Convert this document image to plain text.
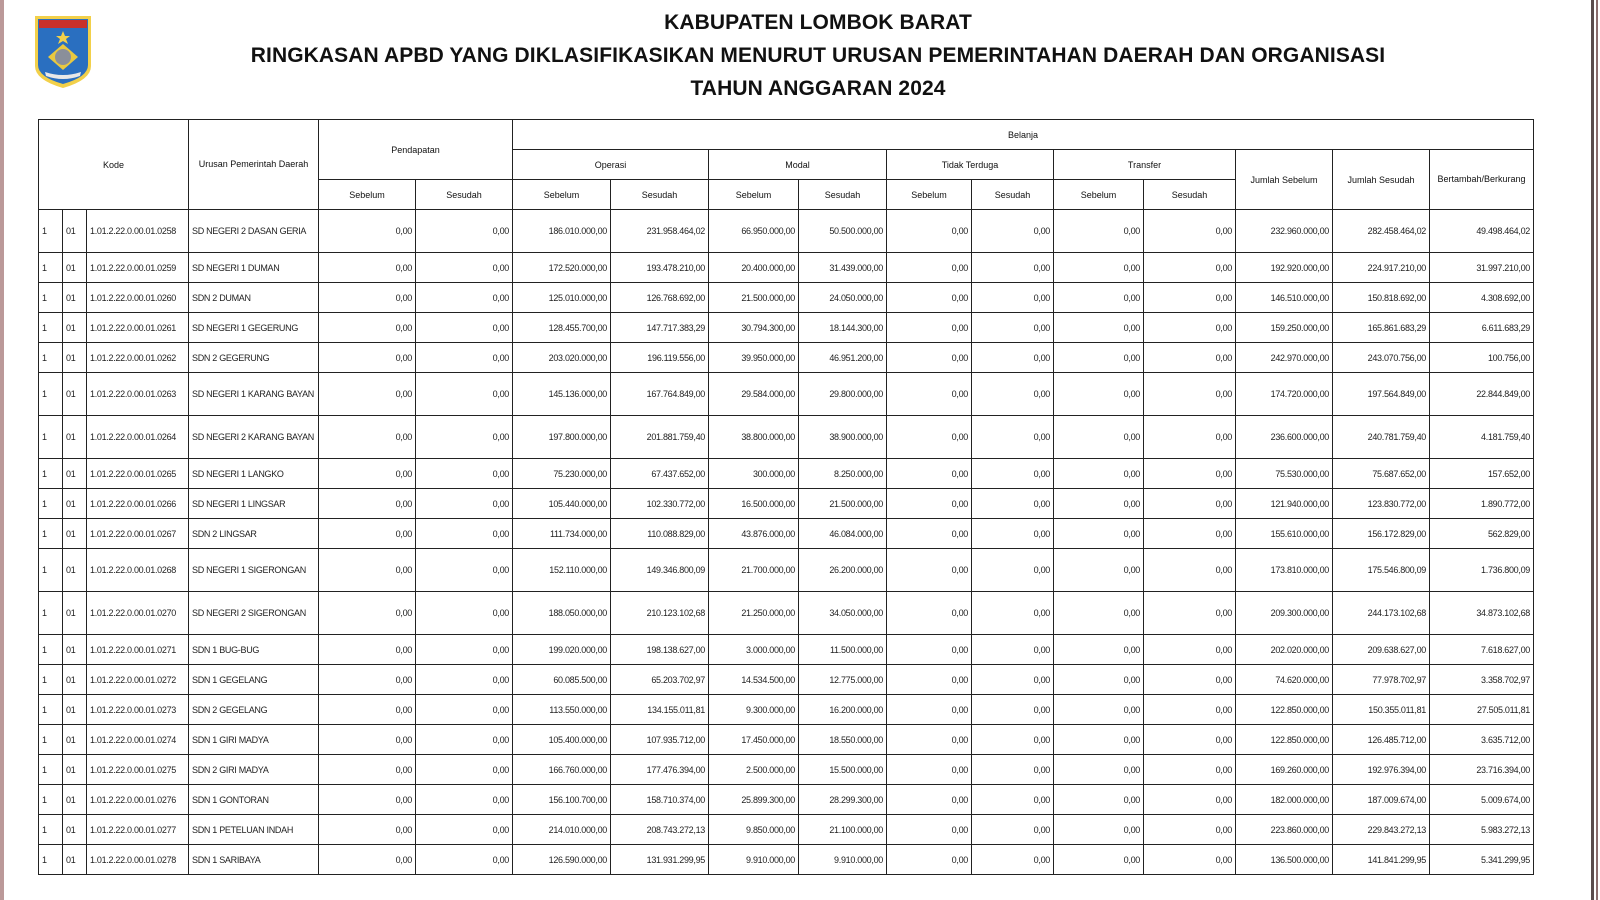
KABUPATEN LOMBOK BARAT
RINGKASAN APBD YANG DIKLASIFIKASIKAN MENURUT URUSAN PEMERINTAHAN DAERAH DAN ORGANISASI
TAHUN ANGGARAN 2024
Kode			Urusan Pemerintah Daerah	Pendapatan		Belanja										
						Operasi		Modal		Tidak Terduga		Transfer		Jumlah Sebelum	Jumlah Sesudah	Bertambah/Berkurang
				Sebelum	Sesudah	Sebelum	Sesudah	Sebelum	Sesudah	Sebelum	Sesudah	Sebelum	Sesudah			
1	01	1.01.2.22.0.00.01.0258	SD NEGERI 2 DASAN GERIA	0,00	0,00	186.010.000,00	231.958.464,02	66.950.000,00	50.500.000,00	0,00	0,00	0,00	0,00	232.960.000,00	282.458.464,02	49.498.464,02
1	01	1.01.2.22.0.00.01.0259	SD NEGERI 1 DUMAN	0,00	0,00	172.520.000,00	193.478.210,00	20.400.000,00	31.439.000,00	0,00	0,00	0,00	0,00	192.920.000,00	224.917.210,00	31.997.210,00
1	01	1.01.2.22.0.00.01.0260	SDN 2 DUMAN	0,00	0,00	125.010.000,00	126.768.692,00	21.500.000,00	24.050.000,00	0,00	0,00	0,00	0,00	146.510.000,00	150.818.692,00	4.308.692,00
1	01	1.01.2.22.0.00.01.0261	SD NEGERI 1 GEGERUNG	0,00	0,00	128.455.700,00	147.717.383,29	30.794.300,00	18.144.300,00	0,00	0,00	0,00	0,00	159.250.000,00	165.861.683,29	6.611.683,29
1	01	1.01.2.22.0.00.01.0262	SDN 2 GEGERUNG	0,00	0,00	203.020.000,00	196.119.556,00	39.950.000,00	46.951.200,00	0,00	0,00	0,00	0,00	242.970.000,00	243.070.756,00	100.756,00
1	01	1.01.2.22.0.00.01.0263	SD NEGERI 1 KARANG BAYAN	0,00	0,00	145.136.000,00	167.764.849,00	29.584.000,00	29.800.000,00	0,00	0,00	0,00	0,00	174.720.000,00	197.564.849,00	22.844.849,00
1	01	1.01.2.22.0.00.01.0264	SD NEGERI 2 KARANG BAYAN	0,00	0,00	197.800.000,00	201.881.759,40	38.800.000,00	38.900.000,00	0,00	0,00	0,00	0,00	236.600.000,00	240.781.759,40	4.181.759,40
1	01	1.01.2.22.0.00.01.0265	SD NEGERI 1 LANGKO	0,00	0,00	75.230.000,00	67.437.652,00	300.000,00	8.250.000,00	0,00	0,00	0,00	0,00	75.530.000,00	75.687.652,00	157.652,00
1	01	1.01.2.22.0.00.01.0266	SD NEGERI 1 LINGSAR	0,00	0,00	105.440.000,00	102.330.772,00	16.500.000,00	21.500.000,00	0,00	0,00	0,00	0,00	121.940.000,00	123.830.772,00	1.890.772,00
1	01	1.01.2.22.0.00.01.0267	SDN 2 LINGSAR	0,00	0,00	111.734.000,00	110.088.829,00	43.876.000,00	46.084.000,00	0,00	0,00	0,00	0,00	155.610.000,00	156.172.829,00	562.829,00
1	01	1.01.2.22.0.00.01.0268	SD NEGERI 1 SIGERONGAN	0,00	0,00	152.110.000,00	149.346.800,09	21.700.000,00	26.200.000,00	0,00	0,00	0,00	0,00	173.810.000,00	175.546.800,09	1.736.800,09
1	01	1.01.2.22.0.00.01.0270	SD NEGERI 2 SIGERONGAN	0,00	0,00	188.050.000,00	210.123.102,68	21.250.000,00	34.050.000,00	0,00	0,00	0,00	0,00	209.300.000,00	244.173.102,68	34.873.102,68
1	01	1.01.2.22.0.00.01.0271	SDN 1 BUG-BUG	0,00	0,00	199.020.000,00	198.138.627,00	3.000.000,00	11.500.000,00	0,00	0,00	0,00	0,00	202.020.000,00	209.638.627,00	7.618.627,00
1	01	1.01.2.22.0.00.01.0272	SDN 1 GEGELANG	0,00	0,00	60.085.500,00	65.203.702,97	14.534.500,00	12.775.000,00	0,00	0,00	0,00	0,00	74.620.000,00	77.978.702,97	3.358.702,97
1	01	1.01.2.22.0.00.01.0273	SDN 2 GEGELANG	0,00	0,00	113.550.000,00	134.155.011,81	9.300.000,00	16.200.000,00	0,00	0,00	0,00	0,00	122.850.000,00	150.355.011,81	27.505.011,81
1	01	1.01.2.22.0.00.01.0274	SDN 1 GIRI MADYA	0,00	0,00	105.400.000,00	107.935.712,00	17.450.000,00	18.550.000,00	0,00	0,00	0,00	0,00	122.850.000,00	126.485.712,00	3.635.712,00
1	01	1.01.2.22.0.00.01.0275	SDN 2 GIRI MADYA	0,00	0,00	166.760.000,00	177.476.394,00	2.500.000,00	15.500.000,00	0,00	0,00	0,00	0,00	169.260.000,00	192.976.394,00	23.716.394,00
1	01	1.01.2.22.0.00.01.0276	SDN 1 GONTORAN	0,00	0,00	156.100.700,00	158.710.374,00	25.899.300,00	28.299.300,00	0,00	0,00	0,00	0,00	182.000.000,00	187.009.674,00	5.009.674,00
1	01	1.01.2.22.0.00.01.0277	SDN 1 PETELUAN INDAH	0,00	0,00	214.010.000,00	208.743.272,13	9.850.000,00	21.100.000,00	0,00	0,00	0,00	0,00	223.860.000,00	229.843.272,13	5.983.272,13
1	01	1.01.2.22.0.00.01.0278	SDN 1 SARIBAYA	0,00	0,00	126.590.000,00	131.931.299,95	9.910.000,00	9.910.000,00	0,00	0,00	0,00	0,00	136.500.000,00	141.841.299,95	5.341.299,95
